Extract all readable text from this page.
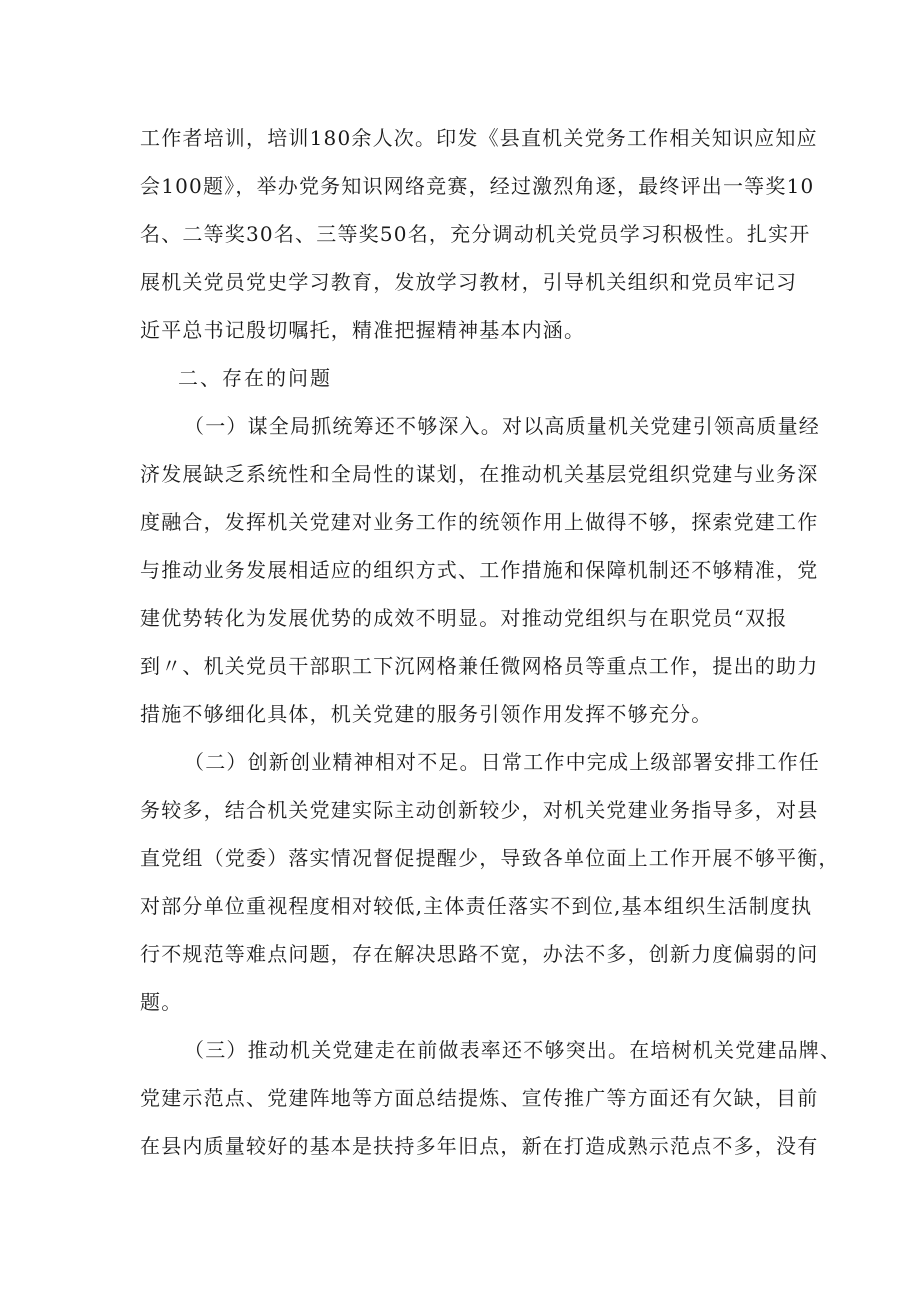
工作者培训，培训180余人次。印发《县直机关党务工作相关知识应知应
会100题》，举办党务知识网络竞赛，经过激烈角逐，最终评出一等奖10
名、二等奖30名、三等奖50名，充分调动机关党员学习积极性。扎实开
展机关党员党史学习教育，发放学习教材，引导机关组织和党员牢记习
近平总书记殷切嘱托，精准把握精神基本内涵。
二、存在的问题
（一）谋全局抓统筹还不够深入。对以高质量机关党建引领高质量经
济发展缺乏系统性和全局性的谋划，在推动机关基层党组织党建与业务深
度融合，发挥机关党建对业务工作的统领作用上做得不够，探索党建工作
与推动业务发展相适应的组织方式、工作措施和保障机制还不够精准，党
建优势转化为发展优势的成效不明显。对推动党组织与在职党员“双报
到〃、机关党员干部职工下沉网格兼任微网格员等重点工作，提出的助力
措施不够细化具体，机关党建的服务引领作用发挥不够充分。
（二）创新创业精神相对不足。日常工作中完成上级部署安排工作任
务较多，结合机关党建实际主动创新较少，对机关党建业务指导多，对县
直党组（党委）落实情况督促提醒少，导致各单位面上工作开展不够平衡，
对部分单位重视程度相对较低,主体责任落实不到位,基本组织生活制度执
行不规范等难点问题，存在解决思路不宽，办法不多，创新力度偏弱的问
题。
（三）推动机关党建走在前做表率还不够突出。在培树机关党建品牌、
党建示范点、党建阵地等方面总结提炼、宣传推广等方面还有欠缺，目前
在县内质量较好的基本是扶持多年旧点，新在打造成熟示范点不多，没有
